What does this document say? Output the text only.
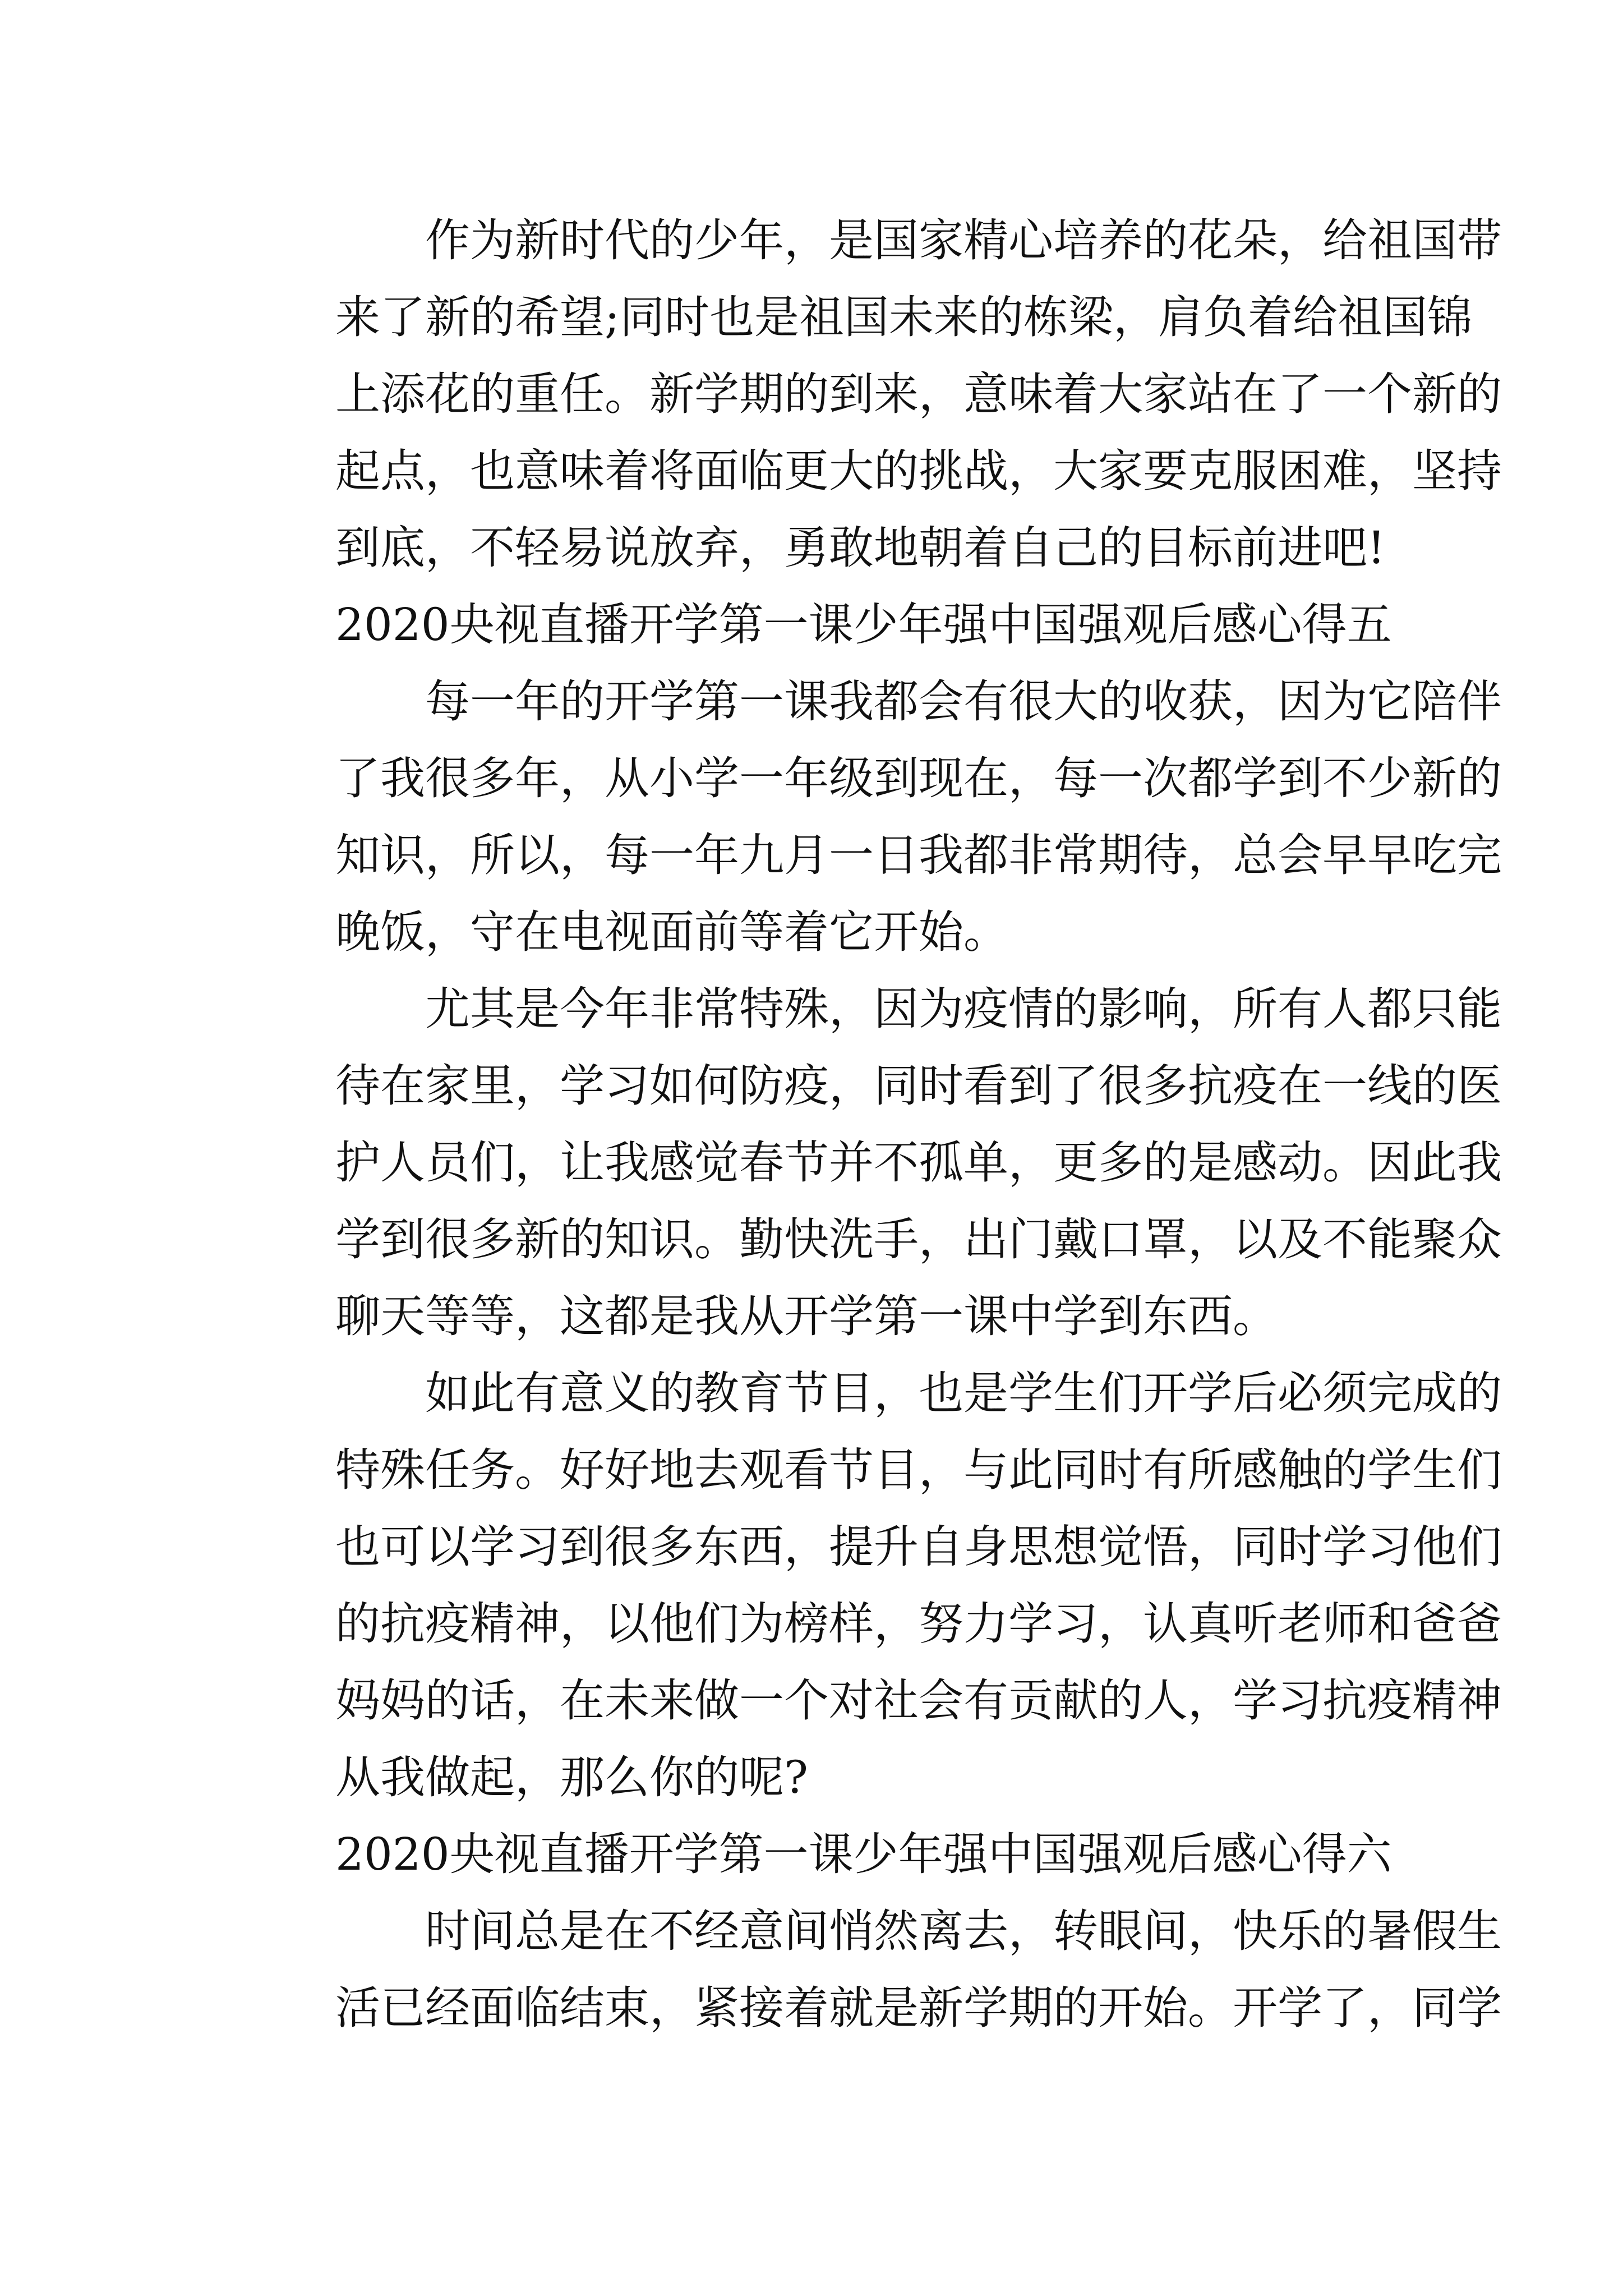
作为新时代的少年，是国家精心培养的花朵，给祖国带
来了新的希望;同时也是祖国未来的栋梁，肩负着给祖国锦
上添花的重任。新学期的到来，意味着大家站在了一个新的
起点，也意味着将面临更大的挑战，大家要克服困难，坚持
到底，不轻易说放弃，勇敢地朝着自己的目标前进吧!
2020央视直播开学第一课少年强中国强观后感心得五
每一年的开学第一课我都会有很大的收获，因为它陪伴
了我很多年，从小学一年级到现在，每一次都学到不少新的
知识，所以，每一年九月一日我都非常期待，总会早早吃完
晚饭，守在电视面前等着它开始。
尤其是今年非常特殊，因为疫情的影响，所有人都只能
待在家里，学习如何防疫，同时看到了很多抗疫在一线的医
护人员们，让我感觉春节并不孤单，更多的是感动。因此我
学到很多新的知识。勤快洗手，出门戴口罩，以及不能聚众
聊天等等，这都是我从开学第一课中学到东西。
如此有意义的教育节目，也是学生们开学后必须完成的
特殊任务。好好地去观看节目，与此同时有所感触的学生们
也可以学习到很多东西，提升自身思想觉悟，同时学习他们
的抗疫精神，以他们为榜样，努力学习，认真听老师和爸爸
妈妈的话，在未来做一个对社会有贡献的人，学习抗疫精神
从我做起，那么你的呢?
2020央视直播开学第一课少年强中国强观后感心得六
时间总是在不经意间悄然离去，转眼间，快乐的暑假生
活已经面临结束，紧接着就是新学期的开始。开学了，同学
